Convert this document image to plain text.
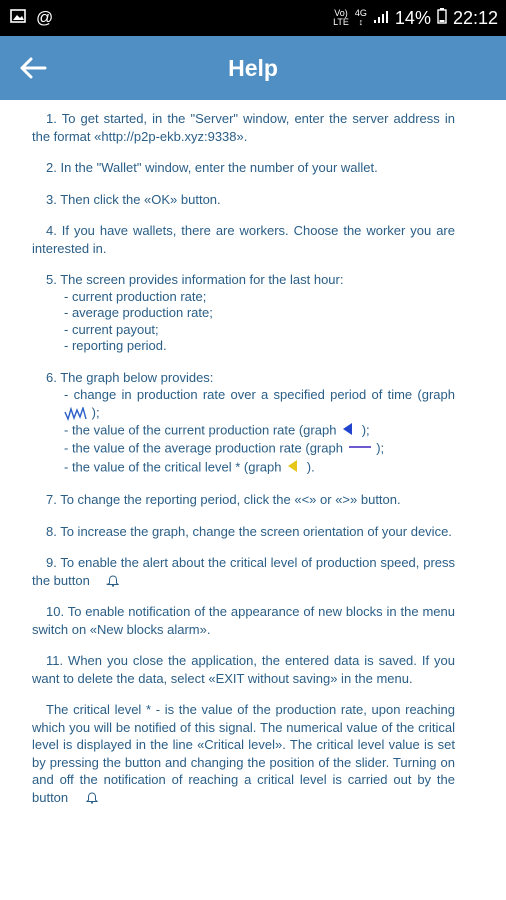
@	Vo)
LTE
4G
↕ 14% 22:12
Help

1. To get started, in the "Server" window, enter the server address in the format «http://p2p-ekb.xyz:9338».

2. In the "Wallet" window, enter the number of your wallet.

3. Then click the «OK» button.

4. If you have wallets, there are workers. Choose the worker you are interested in.

5. The screen provides information for the last hour:
- current production rate;
- average production rate;
- current payout;
- reporting period.
6. The graph below provides:
- change in production rate over a specified period of time (graph );
- the value of the current production rate (graph );
- the value of the average production rate (graph	);
- the value of the critical level * (graph ).

7. To change the reporting period, click the «<» or «>» button.

8. To increase the graph, change the screen orientation of your device.

9. To enable the alert about the critical level of production speed, press the button .

10. To enable notification of the appearance of new blocks in the menu switch on «New blocks alarm».

11. When you close the application, the entered data is saved. If you want to delete the data, select «EXIT without saving» in the menu.

The critical level * - is the value of the production rate, upon reaching which you will be notified of this signal. The numerical value of the critical level is displayed in the line «Critical level». The critical level value is set by pressing the button and changing the position of the slider. Turning on and off the notification of reaching a critical level is carried out by the button
